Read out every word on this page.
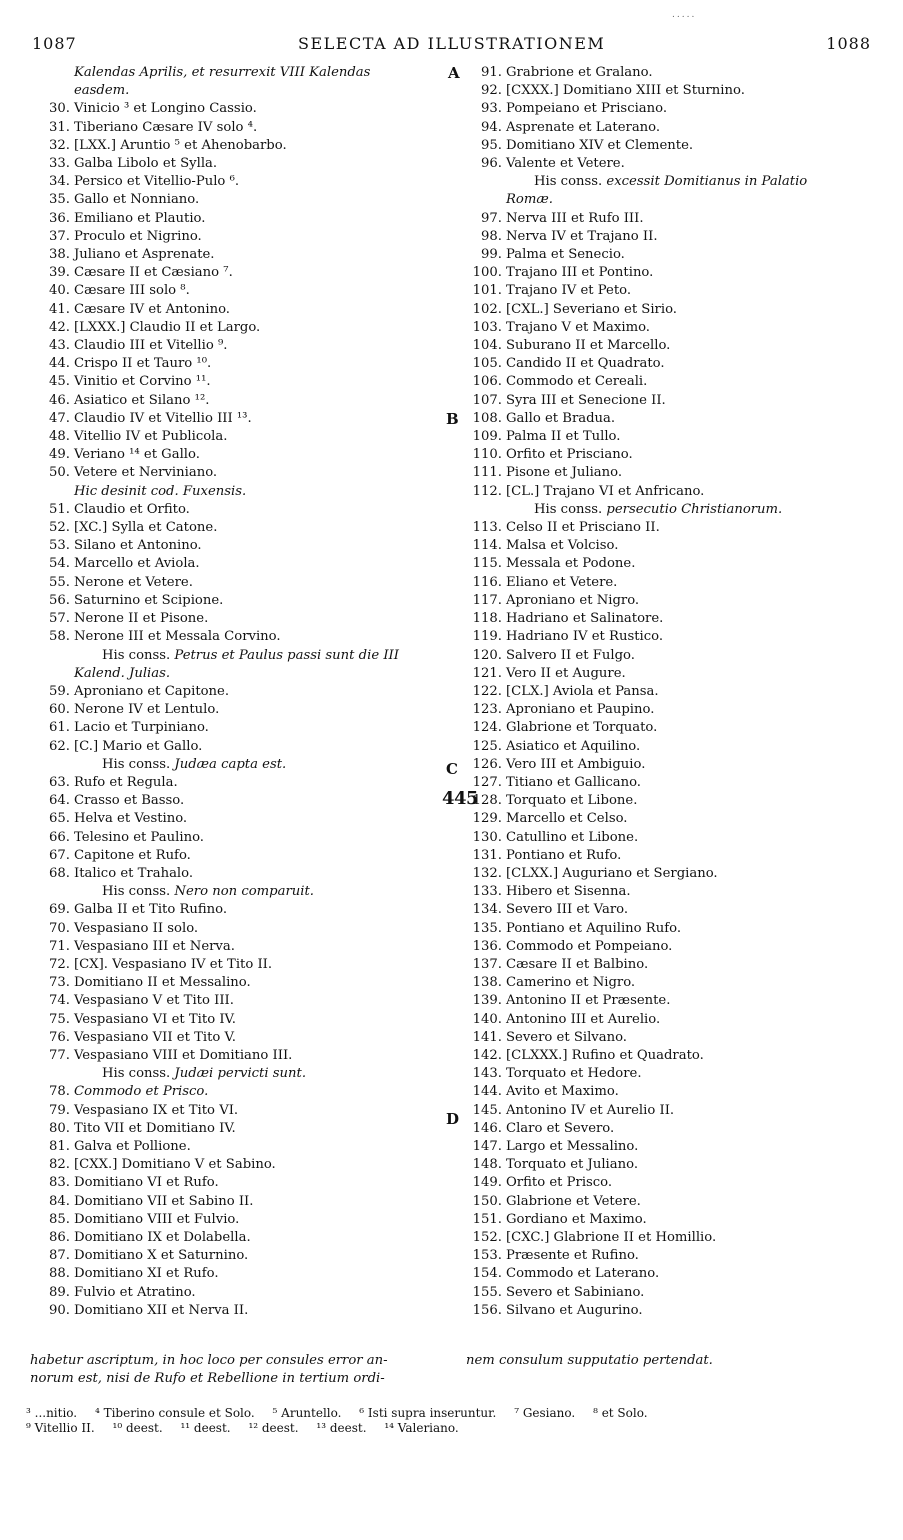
.....
1087	SELECTA AD ILLUSTRATIONEM	1088
Kalendas Aprilis, et resurrexit VIII Kalendas
easdem.
30. Vinicio ³ et Longino Cassio.
31. Tiberiano Cæsare IV solo ⁴.
32. [LXX.] Aruntio ⁵ et Ahenobarbo.
33. Galba Libolo et Sylla.
34. Persico et Vitellio-Pulo ⁶.
35. Gallo et Nonniano.
36. Emiliano et Plautio.
37. Proculo et Nigrino.
38. Juliano et Asprenate.
39. Cæsare II et Cæsiano ⁷.
40. Cæsare III solo ⁸.
41. Cæsare IV et Antonino.
42. [LXXX.] Claudio II et Largo.
43. Claudio III et Vitellio ⁹.
44. Crispo II et Tauro ¹⁰.
45. Vinitio et Corvino ¹¹.
46. Asiatico et Silano ¹².
47. Claudio IV et Vitellio III ¹³.
48. Vitellio IV et Publicola.
49. Veriano ¹⁴ et Gallo.
50. Vetere et Nerviniano.
Hic desinit cod. Fuxensis.
51. Claudio et Orfito.
52. [XC.] Sylla et Catone.
53. Silano et Antonino.
54. Marcello et Aviola.
55. Nerone et Vetere.
56. Saturnino et Scipione.
57. Nerone II et Pisone.
58. Nerone III et Messala Corvino.
His conss. Petrus et Paulus passi sunt die III
Kalend. Julias.
59. Aproniano et Capitone.
60. Nerone IV et Lentulo.
61. Lacio et Turpiniano.
62. [C.] Mario et Gallo.
His conss. Judæa capta est.
63. Rufo et Regula.
64. Crasso et Basso.
65. Helva et Vestino.
66. Telesino et Paulino.
67. Capitone et Rufo.
68. Italico et Trahalo.
His conss. Nero non comparuit.
69. Galba II et Tito Rufino.
70. Vespasiano II solo.
71. Vespasiano III et Nerva.
72. [CX]. Vespasiano IV et Tito II.
73. Domitiano II et Messalino.
74. Vespasiano V et Tito III.
75. Vespasiano VI et Tito IV.
76. Vespasiano VII et Tito V.
77. Vespasiano VIII et Domitiano III.
His conss. Judæi pervicti sunt.
78. Commodo et Prisco.
79. Vespasiano IX et Tito VI.
80. Tito VII et Domitiano IV.
81. Galva et Pollione.
82. [CXX.] Domitiano V et Sabino.
83. Domitiano VI et Rufo.
84. Domitiano VII et Sabino II.
85. Domitiano VIII et Fulvio.
86. Domitiano IX et Dolabella.
87. Domitiano X et Saturnino.
88. Domitiano XI et Rufo.
89. Fulvio et Atratino.
90. Domitiano XII et Nerva II.
91. Grabrione et Gralano.
92. [CXXX.] Domitiano XIII et Sturnino.
93. Pompeiano et Prisciano.
94. Asprenate et Laterano.
95. Domitiano XIV et Clemente.
96. Valente et Vetere.
His conss. excessit Domitianus in Palatio
Romæ.
97. Nerva III et Rufo III.
98. Nerva IV et Trajano II.
99. Palma et Senecio.
100. Trajano III et Pontino.
101. Trajano IV et Peto.
102. [CXL.] Severiano et Sirio.
103. Trajano V et Maximo.
104. Suburano II et Marcello.
105. Candido II et Quadrato.
106. Commodo et Cereali.
107. Syra III et Senecione II.
108. Gallo et Bradua.
109. Palma II et Tullo.
110. Orfito et Prisciano.
111. Pisone et Juliano.
112. [CL.] Trajano VI et Anfricano.
His conss. persecutio Christianorum.
113. Celso II et Prisciano II.
114. Malsa et Volciso.
115. Messala et Podone.
116. Eliano et Vetere.
117. Aproniano et Nigro.
118. Hadriano et Salinatore.
119. Hadriano IV et Rustico.
120. Salvero II et Fulgo.
121. Vero II et Augure.
122. [CLX.] Aviola et Pansa.
123. Aproniano et Paupino.
124. Glabrione et Torquato.
125. Asiatico et Aquilino.
126. Vero III et Ambiguio.
127. Titiano et Gallicano.
445
128. Torquato et Libone.
129. Marcello et Celso.
130. Catullino et Libone.
131. Pontiano et Rufo.
132. [CLXX.] Auguriano et Sergiano.
133. Hibero et Sisenna.
134. Severo III et Varo.
135. Pontiano et Aquilino Rufo.
136. Commodo et Pompeiano.
137. Cæsare II et Balbino.
138. Camerino et Nigro.
139. Antonino II et Præsente.
140. Antonino III et Aurelio.
141. Severo et Silvano.
142. [CLXXX.] Rufino et Quadrato.
143. Torquato et Hedore.
144. Avito et Maximo.
145. Antonino IV et Aurelio II.
146. Claro et Severo.
147. Largo et Messalino.
148. Torquato et Juliano.
149. Orfito et Prisco.
150. Glabrione et Vetere.
151. Gordiano et Maximo.
152. [CXC.] Glabrione II et Homillio.
153. Præsente et Rufino.
154. Commodo et Laterano.
155. Severo et Sabiniano.
156. Silvano et Augurino.
A
B
C
D
habetur ascriptum, in hoc loco per consules error an-
norum est, nisi de Rufo et Rebellione in tertium ordi-
nem consulum supputatio pertendat.
³ ...nitio. ⁴ Tiberino consule et Solo. ⁵ Aruntello. ⁶ Isti supra inseruntur. ⁷ Gesiano. ⁸ et Solo.
⁹ Vitellio II. ¹⁰ deest. ¹¹ deest. ¹² deest. ¹³ deest. ¹⁴ Valeriano.
